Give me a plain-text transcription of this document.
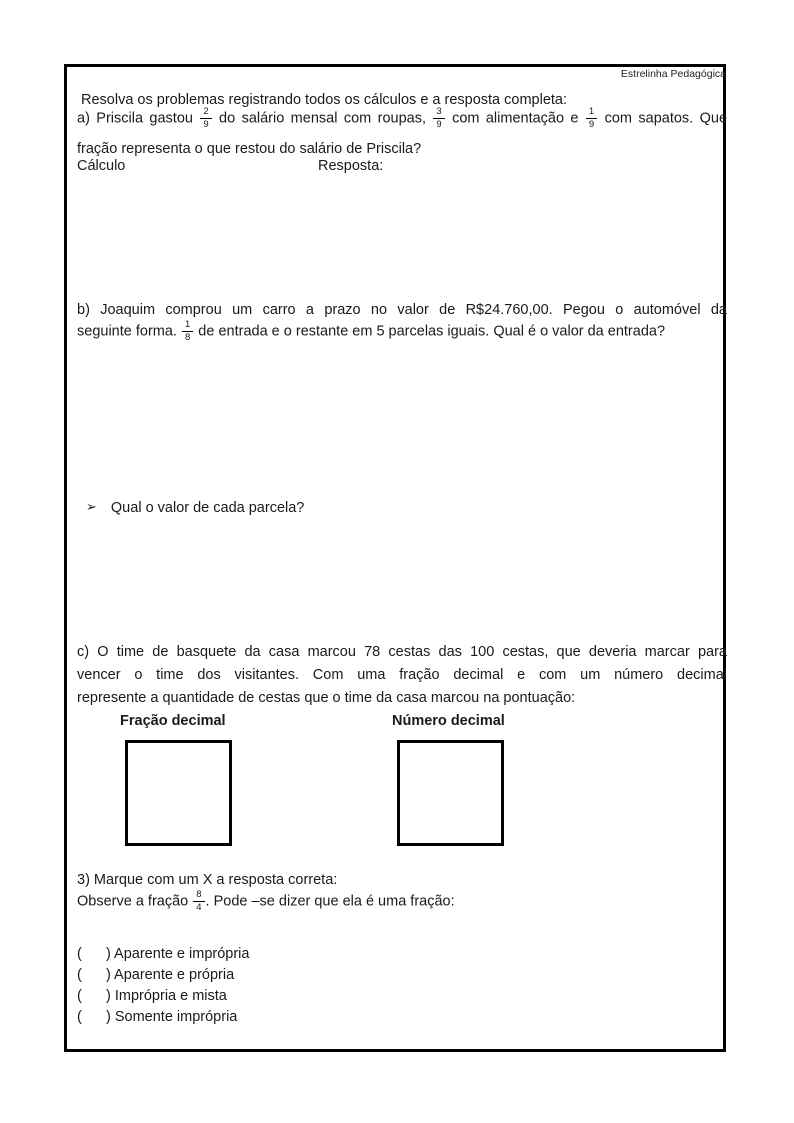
Estrelinha Pedagógica
Resolva os problemas registrando todos os cálculos e a resposta completa:
a) Priscila gastou $\frac{2}{9}$ do salário mensal com roupas, $\frac{3}{9}$ com alimentação e $\frac{1}{9}$ com sapatos. Que
fração representa o que restou do salário de Priscila?
Cálculo	Resposta:
b) Joaquim comprou um carro a prazo no valor de R$24.760,00. Pegou o automóvel da
seguinte forma. $\frac{1}{8}$ de entrada e o restante em 5 parcelas iguais. Qual é o valor da entrada?
➢ Qual o valor de cada parcela?
c) O time de basquete da casa marcou 78 cestas das 100 cestas, que deveria marcar para
vencer o time dos visitantes. Com uma fração decimal e com um número decimal
represente a quantidade de cestas que o time da casa marcou na pontuação:
Fração decimal	Número decimal
3) Marque com um X a resposta correta:
Observe a fração $\frac{8}{4}$ . Pode –se dizer que ela é uma fração:
(      ) Aparente e imprópria
(      ) Aparente e própria
(      ) Imprópria e mista
(      ) Somente imprópria
